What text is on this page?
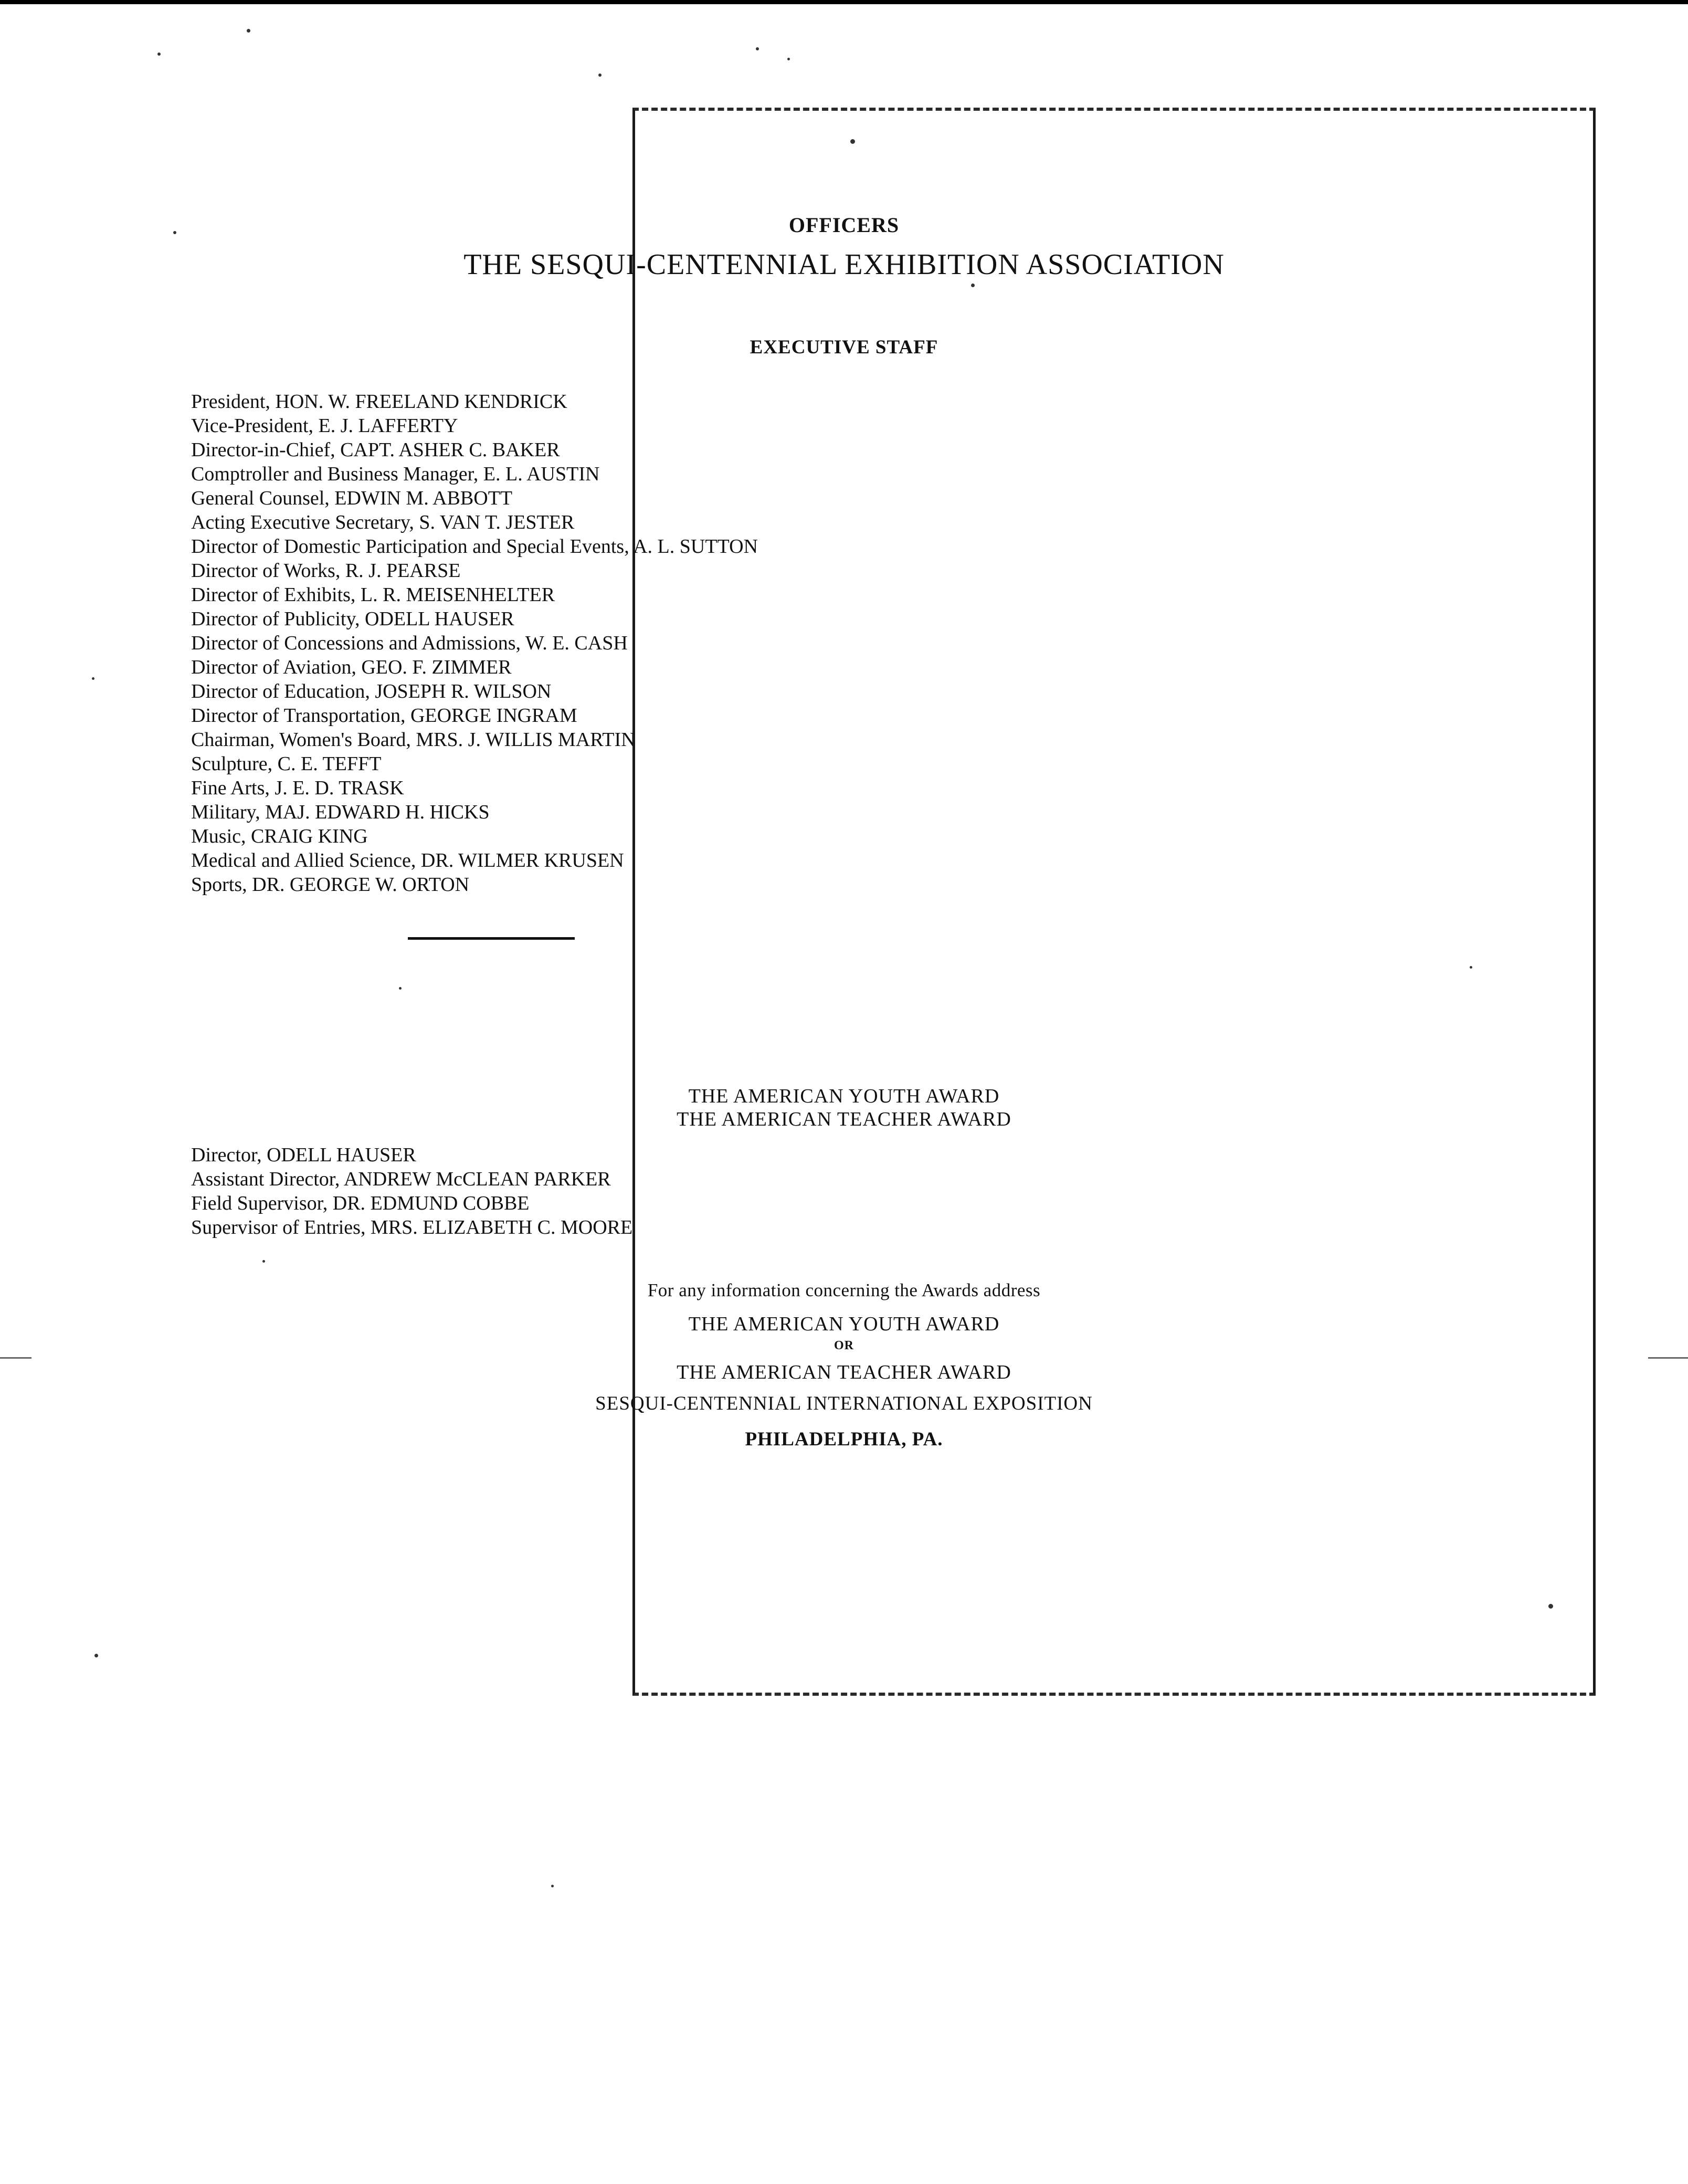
OFFICERS
THE SESQUI-CENTENNIAL EXHIBITION ASSOCIATION
EXECUTIVE STAFF
President, HON. W. FREELAND KENDRICK
Vice-President, E. J. LAFFERTY
Director-in-Chief, CAPT. ASHER C. BAKER
Comptroller and Business Manager, E. L. AUSTIN
General Counsel, EDWIN M. ABBOTT
Acting Executive Secretary, S. VAN T. JESTER
Director of Domestic Participation and Special Events, A. L. SUTTON
Director of Works, R. J. PEARSE
Director of Exhibits, L. R. MEISENHELTER
Director of Publicity, ODELL HAUSER
Director of Concessions and Admissions, W. E. CASH
Director of Aviation, GEO. F. ZIMMER
Director of Education, JOSEPH R. WILSON
Director of Transportation, GEORGE INGRAM
Chairman, Women's Board, MRS. J. WILLIS MARTIN
Sculpture, C. E. TEFFT
Fine Arts, J. E. D. TRASK
Military, MAJ. EDWARD H. HICKS
Music, CRAIG KING
Medical and Allied Science, DR. WILMER KRUSEN
Sports, DR. GEORGE W. ORTON
THE AMERICAN YOUTH AWARD
THE AMERICAN TEACHER AWARD
Director, ODELL HAUSER
Assistant Director, ANDREW McCLEAN PARKER
Field Supervisor, DR. EDMUND COBBE
Supervisor of Entries, MRS. ELIZABETH C. MOORE
For any information concerning the Awards address
THE AMERICAN YOUTH AWARD
OR
THE AMERICAN TEACHER AWARD
SESQUI-CENTENNIAL INTERNATIONAL EXPOSITION
PHILADELPHIA, PA.
